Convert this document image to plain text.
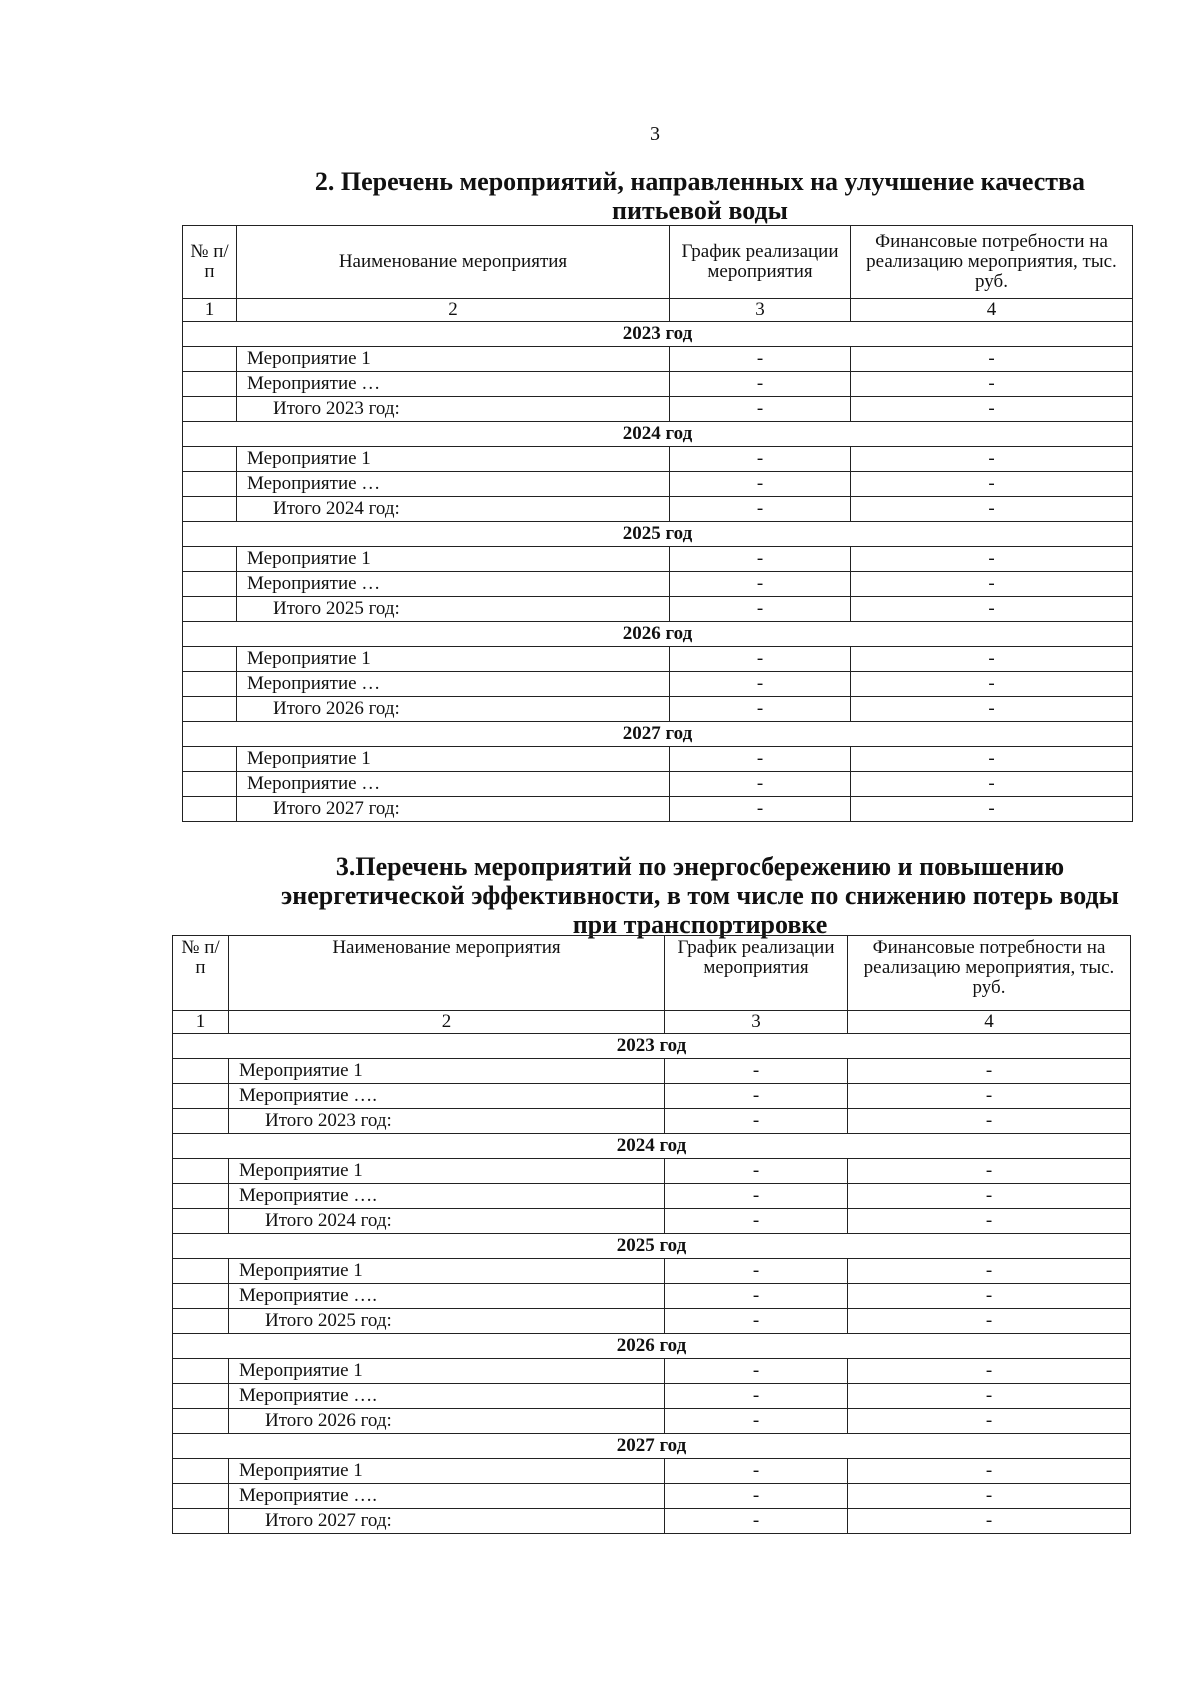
3
2. Перечень мероприятий, направленных на улучшение качества питьевой воды
№ п/п	Наименование мероприятия	График реализации мероприятия	Финансовые потребности на реализацию мероприятия, тыс. руб.
1	2	3	4
2023 год			
	Мероприятие 1	-	-
	Мероприятие …	-	-
	Итого 2023 год:	-	-
2024 год			
	Мероприятие 1	-	-
	Мероприятие …	-	-
	Итого 2024 год:	-	-
2025 год			
	Мероприятие 1	-	-
	Мероприятие …	-	-
	Итого 2025 год:	-	-
2026 год			
	Мероприятие 1	-	-
	Мероприятие …	-	-
	Итого 2026 год:	-	-
2027 год			
	Мероприятие 1	-	-
	Мероприятие …	-	-
	Итого 2027 год:	-	-
3.Перечень мероприятий по энергосбережению и повышению энергетической эффективности, в том числе по снижению потерь воды при транспортировке
№ п/п	Наименование мероприятия	График реализации мероприятия	Финансовые потребности на реализацию мероприятия, тыс. руб.
1	2	3	4
2023 год			
	Мероприятие 1	-	-
	Мероприятие ….	-	-
	Итого 2023 год:	-	-
2024 год			
	Мероприятие 1	-	-
	Мероприятие ….	-	-
	Итого 2024 год:	-	-
2025 год			
	Мероприятие 1	-	-
	Мероприятие ….	-	-
	Итого 2025 год:	-	-
2026 год			
	Мероприятие 1	-	-
	Мероприятие ….	-	-
	Итого 2026 год:	-	-
2027 год			
	Мероприятие 1	-	-
	Мероприятие ….	-	-
	Итого 2027 год:	-	-
